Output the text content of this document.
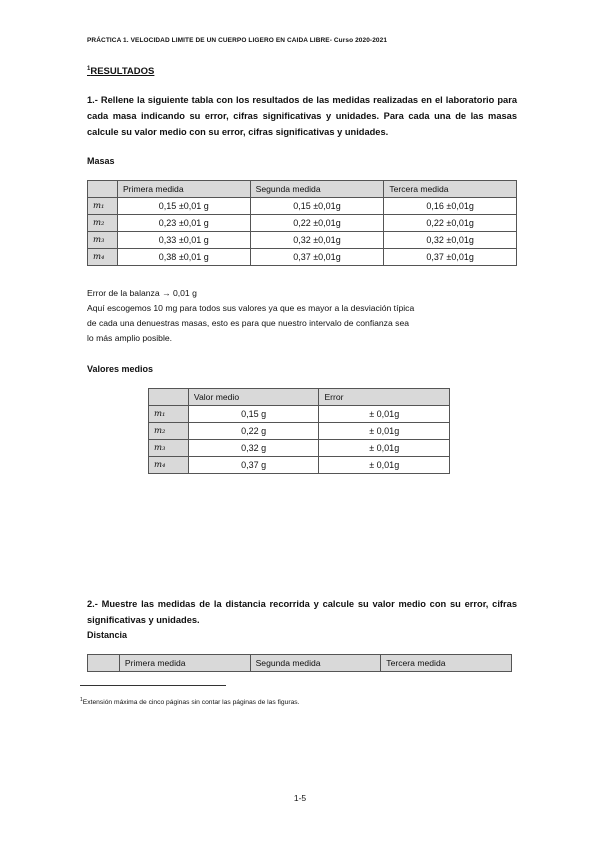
PRÁCTICA 1. VELOCIDAD LIMITE DE UN CUERPO LIGERO EN CAIDA LIBRE- Curso 2020-2021
$^1$RESULTADOS
1.- Rellene la siguiente tabla con los resultados de las medidas realizadas en el laboratorio para cada masa indicando su error, cifras significativas y unidades. Para cada una de las masas calcule su valor medio con su error, cifras significativas y unidades.
Masas
	Primera medida	Segunda medida	Tercera medida
m₁	0,15 ±0,01 g	0,15 ±0,01g	0,16 ±0,01g
m₂	0,23 ±0,01 g	0,22 ±0,01g	0,22 ±0,01g
m₃	0,33 ±0,01 g	0,32 ±0,01g	0,32 ±0,01g
m₄	0,38 ±0,01 g	0,37 ±0,01g	0,37 ±0,01g
Error de la balanza → 0,01 g
Aquí escogemos 10 mg para todos sus valores ya que es mayor a la desviación típica
de cada una denuestras masas, esto es para que nuestro intervalo de confianza sea
lo más amplio posible.
Valores medios
	Valor medio	Error
m₁	0,15 g	± 0,01g
m₂	0,22 g	± 0,01g
m₃	0,32 g	± 0,01g
m₄	0,37 g	± 0,01g
2.- Muestre las medidas de la distancia recorrida y calcule su valor medio con su error, cifras significativas y unidades.
Distancia
	Primera medida	Segunda medida	Tercera medida
$^1$Extensión máxima de cinco páginas sin contar las páginas de las figuras.
1-5
